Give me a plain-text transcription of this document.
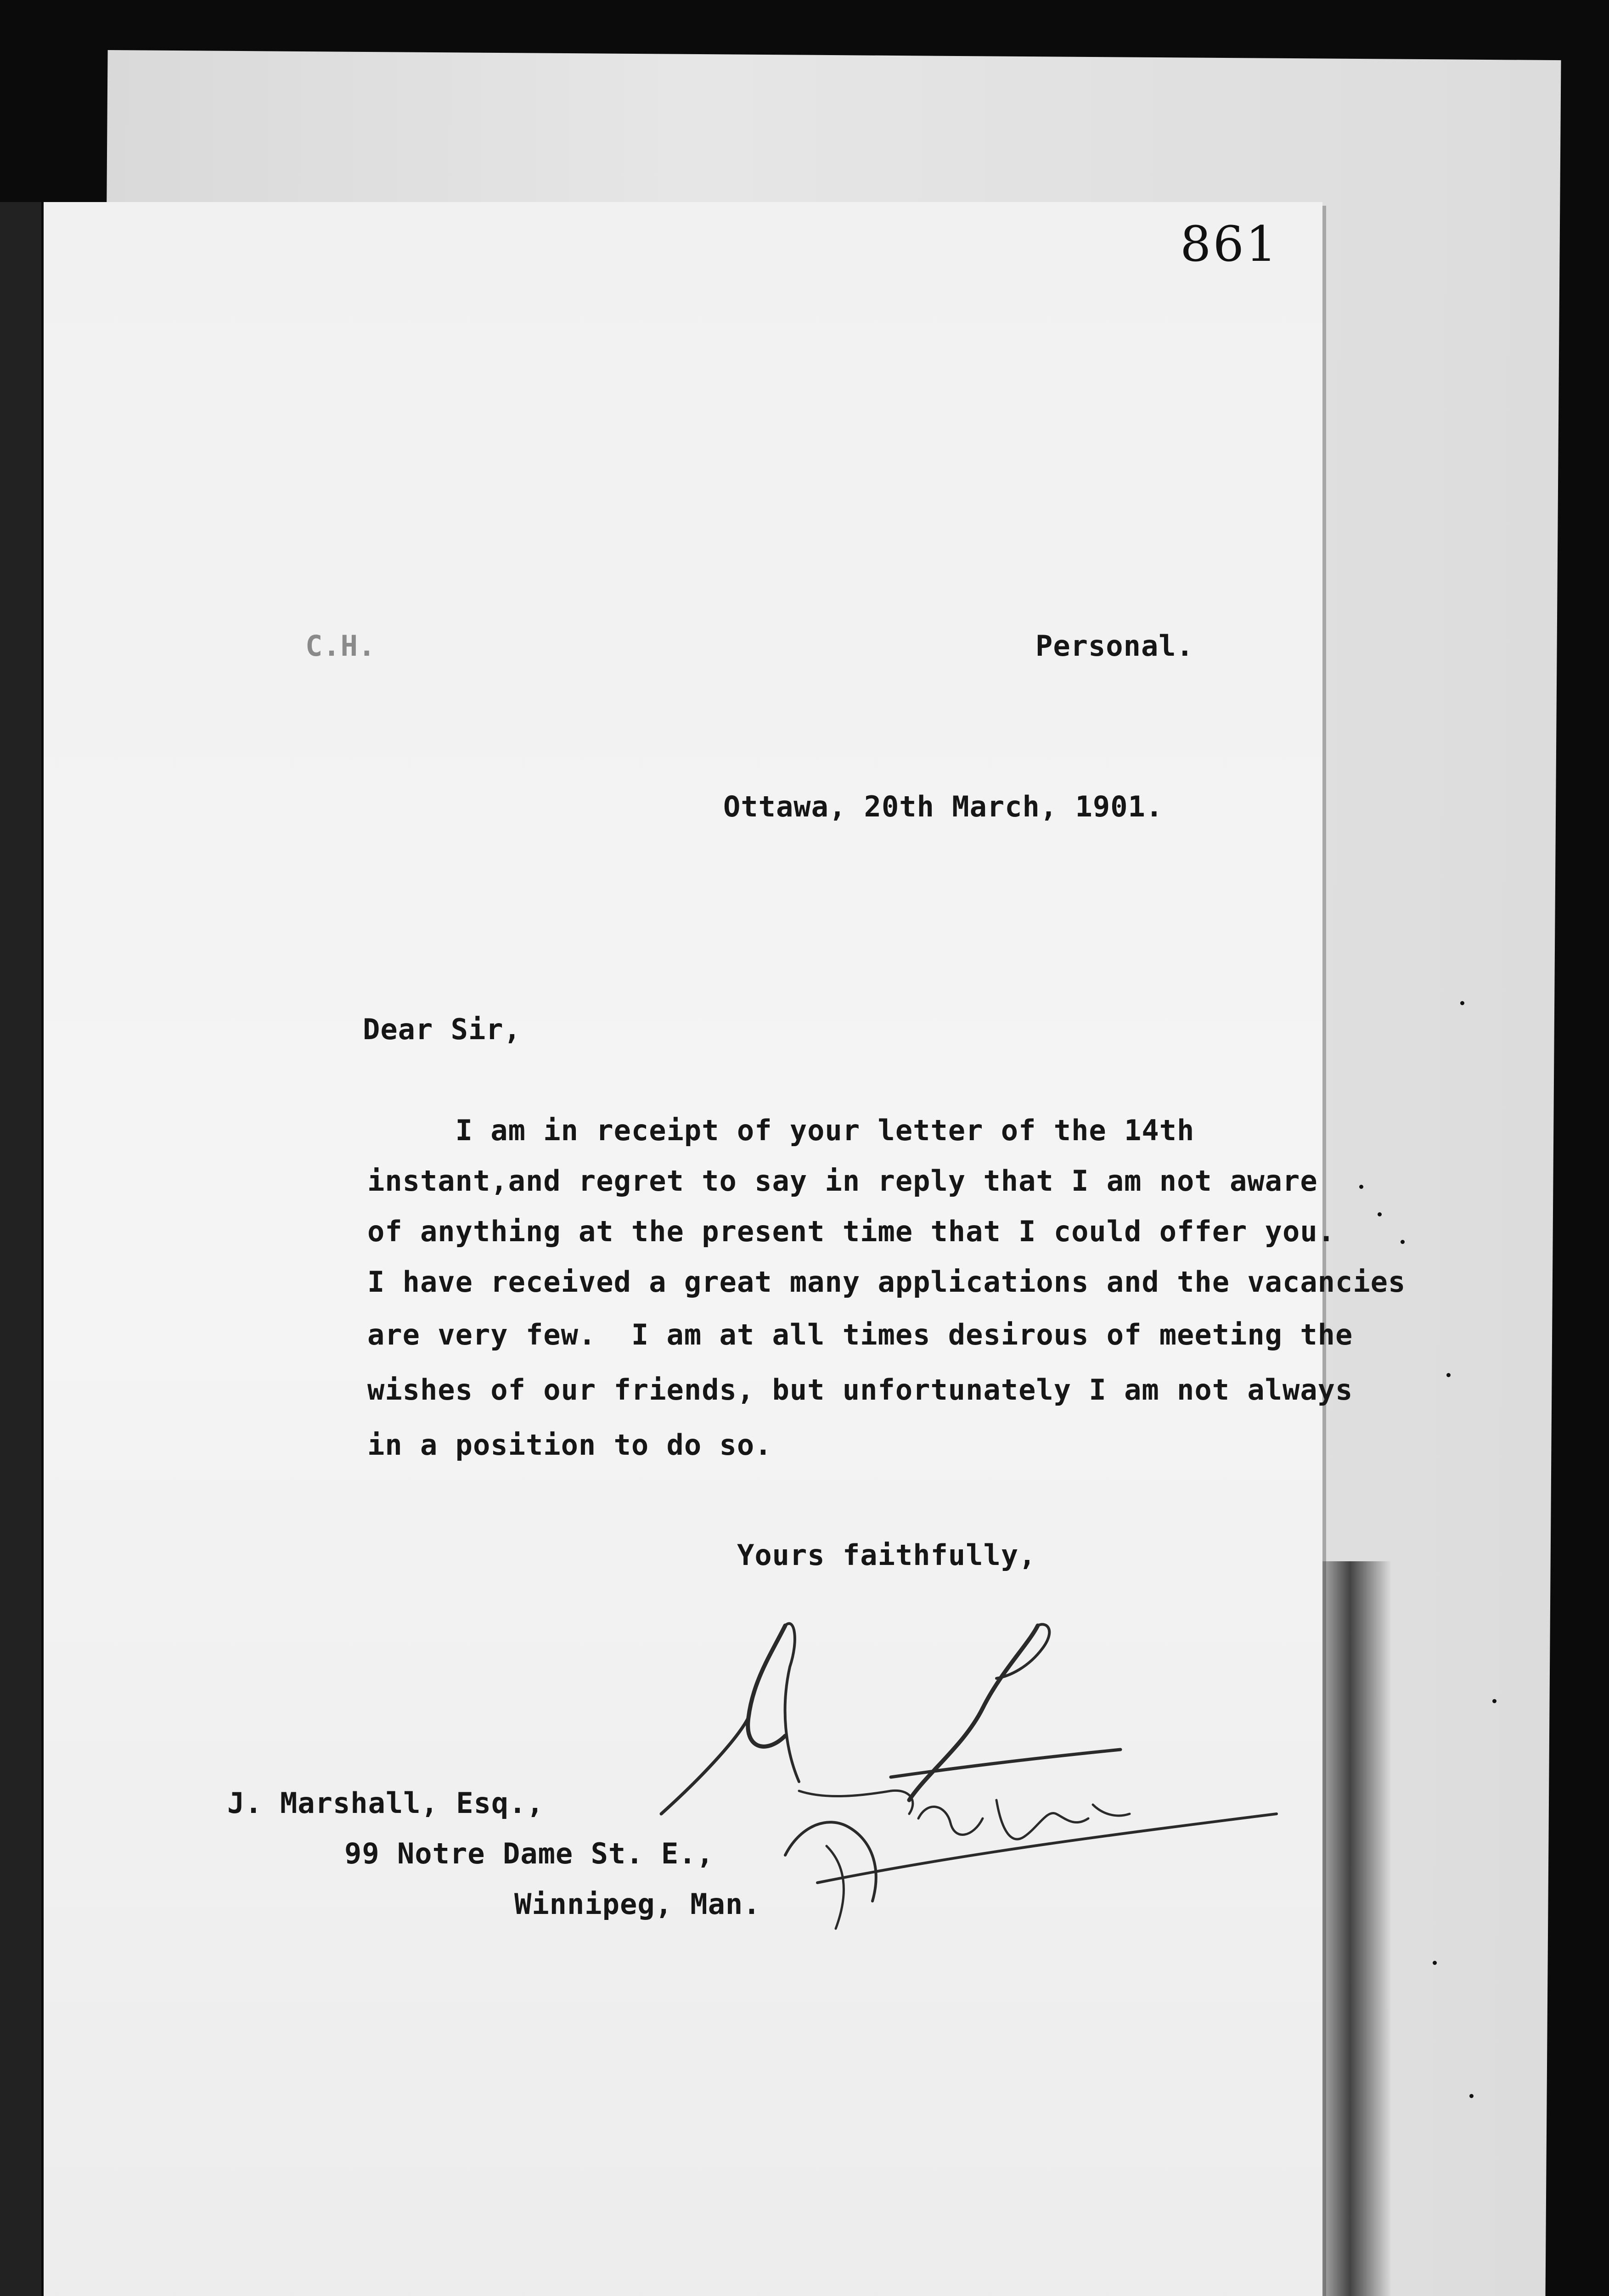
861
C.H.	Personal.
Ottawa, 20th March, 1901.
Dear Sir,
I am in receipt of your letter of the 14th
instant,and regret to say in reply that I am not aware
of anything at the present time that I could offer you.
I have received a great many applications and the vacancies
are very few.  I am at all times desirous of meeting the
wishes of our friends, but unfortunately I am not always
in a position to do so.
Yours faithfully,
J. Marshall, Esq.,
99 Notre Dame St. E.,
Winnipeg, Man.
